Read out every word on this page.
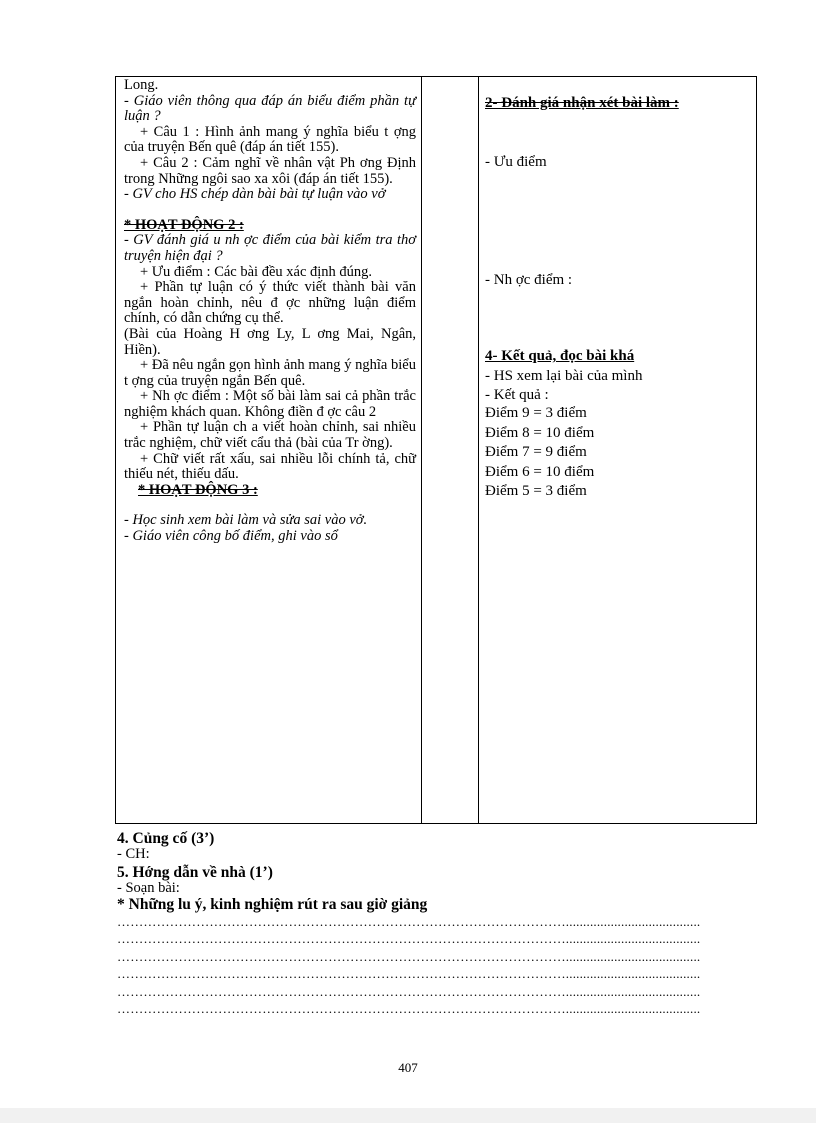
Long.

- Giáo viên thông qua đáp án biểu điểm phần tự luận ?

+ Câu 1 : Hình ảnh mang ý nghĩa biểu t ợng của truyện Bến quê (đáp án tiết 155).

+ Câu 2 : Cảm nghĩ về nhân vật Ph ơng Định trong Những ngôi sao xa xôi (đáp án tiết 155).

- GV cho HS chép dàn bài bài tự luận vào vở

* HOẠT ĐỘNG 2 :

- GV đánh giá u nh ợc điểm của bài kiểm tra thơ truyện hiện đại ?

+ Ưu điểm : Các bài đều xác định đúng.

+ Phần tự luận có ý thức viết thành bài văn ngắn hoàn chỉnh, nêu đ ợc những luận điểm chính, có dẫn chứng cụ thể.

(Bài của Hoàng H ơng Ly, L ơng Mai, Ngân, Hiền).

+ Đã nêu ngắn gọn hình ảnh mang ý nghĩa biểu t ợng của truyện ngắn Bến quê.

+ Nh ợc điểm : Một số bài làm sai cả phần trắc nghiệm khách quan. Không điền đ ợc câu 2

+ Phần tự luận ch a viết hoàn chỉnh, sai nhiều trắc nghiệm, chữ viết cẩu thả (bài của Tr ờng).

+ Chữ viết rất xấu, sai nhiều lỗi chính tả, chữ thiếu nét, thiếu dấu.

* HOẠT ĐỘNG 3 :

- Học sinh xem bài làm và sửa sai vào vở.

- Giáo viên công bố điểm, ghi vào sổ

2- Đánh giá nhận xét bài làm :

- Ưu điểm

- Nh ợc điểm :

4- Kết quả, đọc bài khá

- HS xem lại bài của mình

- Kết quả :

Điểm 9 = 3 điểm

Điểm 8 = 10 điểm

Điểm 7 = 9 điểm

Điểm 6 = 10 điểm

Điểm 5 = 3 điểm

4. Củng cố (3’)

- CH:

5. Hớng dẫn về nhà (1’)

- Soạn bài:

* Những lu ý, kinh nghiệm rút ra sau giờ giảng

………………………………………………………………………………………….......................................

………………………………………………………………………………………….......................................

………………………………………………………………………………………….......................................

………………………………………………………………………………………….......................................

………………………………………………………………………………………….......................................

………………………………………………………………………………………….......................................

407
